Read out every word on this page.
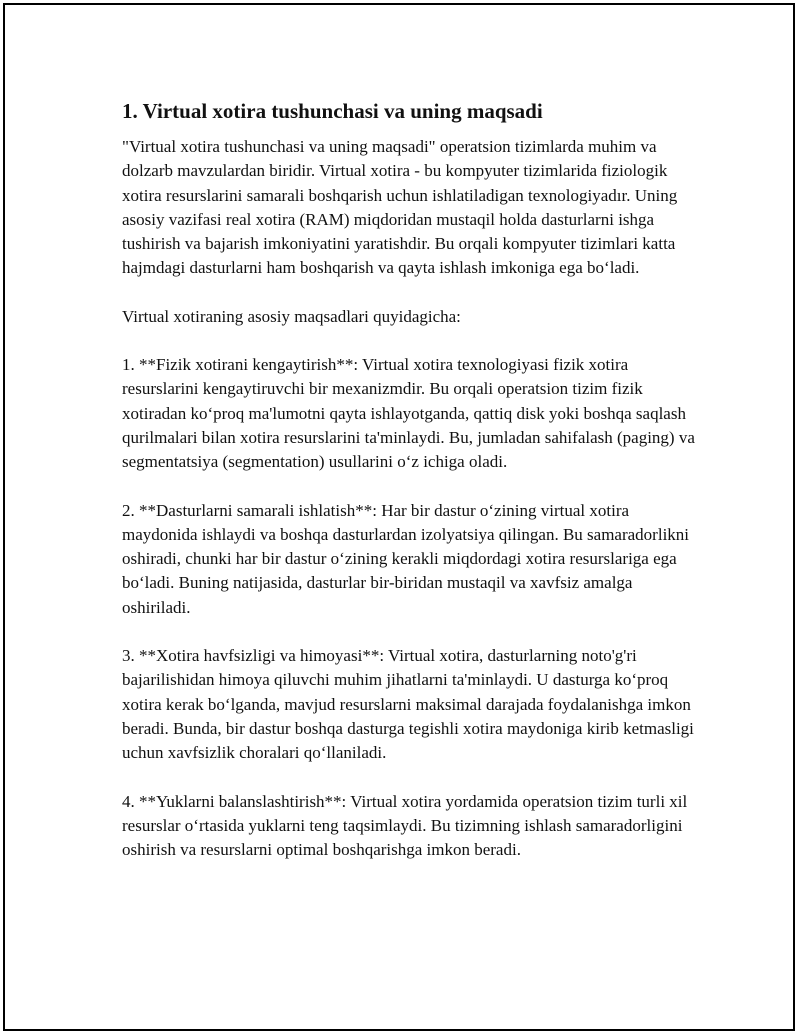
1. Virtual xotira tushunchasi va uning maqsadi

"Virtual xotira tushunchasi va uning maqsadi" operatsion tizimlarda muhim va dolzarb mavzulardan biridir. Virtual xotira - bu kompyuter tizimlarida fiziologik xotira resurslarini samarali boshqarish uchun ishlatiladigan texnologiyadır. Uning asosiy vazifasi real xotira (RAM) miqdoridan mustaqil holda dasturlarni ishga tushirish va bajarish imkoniyatini yaratishdir. Bu orqali kompyuter tizimlari katta hajmdagi dasturlarni ham boshqarish va qayta ishlash imkoniga ega bo‘ladi.

Virtual xotiraning asosiy maqsadlari quyidagicha:

1. **Fizik xotirani kengaytirish**: Virtual xotira texnologiyasi fizik xotira resurslarini kengaytiruvchi bir mexanizmdir. Bu orqali operatsion tizim fizik xotiradan ko‘proq ma'lumotni qayta ishlayotganda, qattiq disk yoki boshqa saqlash qurilmalari bilan xotira resurslarini ta'minlaydi. Bu, jumladan sahifalash (paging) va segmentatsiya (segmentation) usullarini o‘z ichiga oladi.

2. **Dasturlarni samarali ishlatish**: Har bir dastur o‘zining virtual xotira maydonida ishlaydi va boshqa dasturlardan izolyatsiya qilingan. Bu samaradorlikni oshiradi, chunki har bir dastur o‘zining kerakli miqdordagi xotira resurslariga ega bo‘ladi. Buning natijasida, dasturlar bir-biridan mustaqil va xavfsiz amalga oshiriladi.

3. **Xotira havfsizligi va himoyasi**: Virtual xotira, dasturlarning noto'g'ri bajarilishidan himoya qiluvchi muhim jihatlarni ta'minlaydi. U dasturga ko‘proq xotira kerak bo‘lganda, mavjud resurslarni maksimal darajada foydalanishga imkon beradi. Bunda, bir dastur boshqa dasturga tegishli xotira maydoniga kirib ketmasligi uchun xavfsizlik choralari qo‘llaniladi.

4. **Yuklarni balanslashtirish**: Virtual xotira yordamida operatsion tizim turli xil resurslar o‘rtasida yuklarni teng taqsimlaydi. Bu tizimning ishlash samaradorligini oshirish va resurslarni optimal boshqarishga imkon beradi.
